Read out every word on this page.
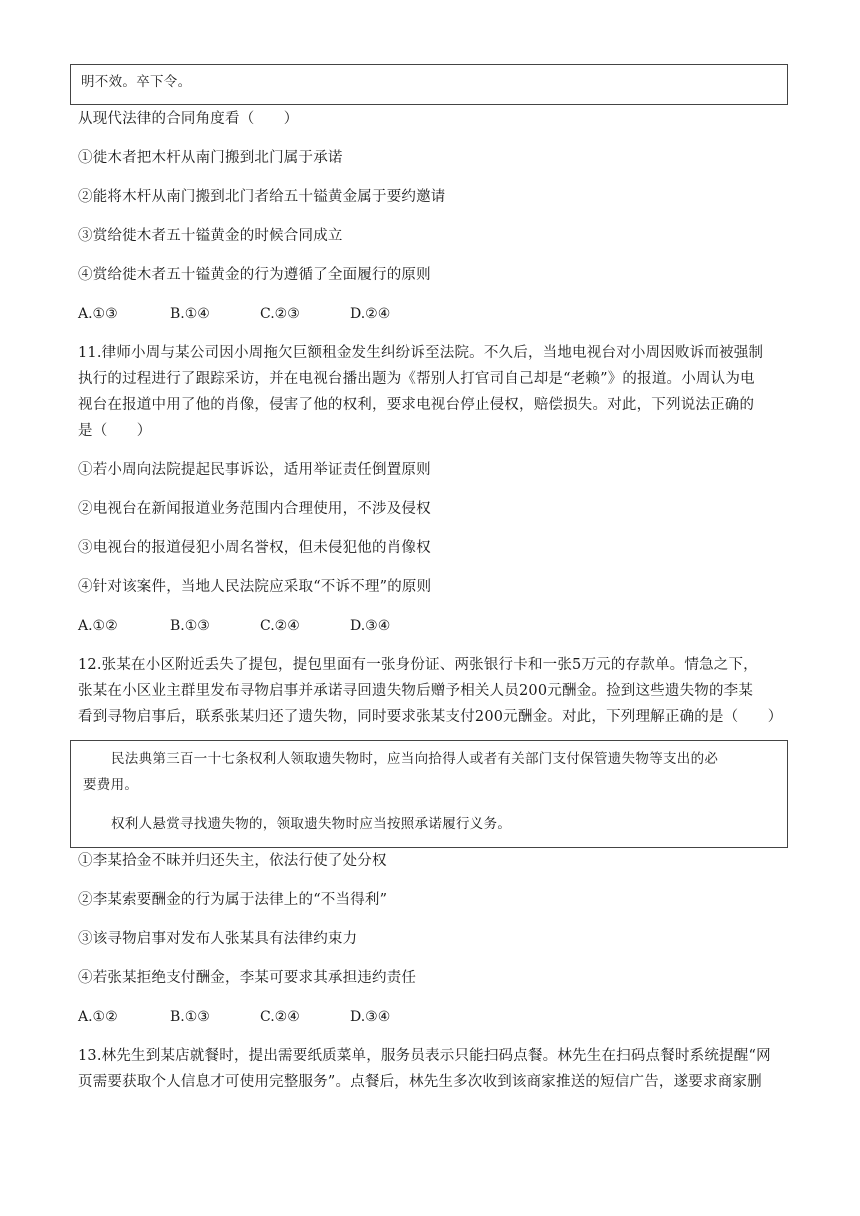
明不效。卒下令。
从现代法律的合同角度看（　　）
①徙木者把木杆从南门搬到北门属于承诺
②能将木杆从南门搬到北门者给五十镒黄金属于要约邀请
③赏给徙木者五十镒黄金的时候合同成立
④赏给徙木者五十镒黄金的行为遵循了全面履行的原则
A.①③	B.①④	C.②③	D.②④
11.律师小周与某公司因小周拖欠巨额租金发生纠纷诉至法院。不久后，当地电视台对小周因败诉而被强制
执行的过程进行了跟踪采访，并在电视台播出题为《帮别人打官司自己却是“老赖”》的报道。小周认为电
视台在报道中用了他的肖像，侵害了他的权利，要求电视台停止侵权，赔偿损失。对此，下列说法正确的
是（　　）
①若小周向法院提起民事诉讼，适用举证责任倒置原则
②电视台在新闻报道业务范围内合理使用，不涉及侵权
③电视台的报道侵犯小周名誉权，但未侵犯他的肖像权
④针对该案件，当地人民法院应采取“不诉不理”的原则
A.①②	B.①③	C.②④	D.③④
12.张某在小区附近丢失了提包，提包里面有一张身份证、两张银行卡和一张5万元的存款单。情急之下，
张某在小区业主群里发布寻物启事并承诺寻回遗失物后赠予相关人员200元酬金。捡到这些遗失物的李某
看到寻物启事后，联系张某归还了遗失物，同时要求张某支付200元酬金。对此，下列理解正确的是（　　）
民法典第三百一十七条权利人领取遗失物时，应当向拾得人或者有关部门支付保管遗失物等支出的必
要费用。
权利人悬赏寻找遗失物的，领取遗失物时应当按照承诺履行义务。
①李某拾金不昧并归还失主，依法行使了处分权
②李某索要酬金的行为属于法律上的“不当得利”
③该寻物启事对发布人张某具有法律约束力
④若张某拒绝支付酬金，李某可要求其承担违约责任
A.①②	B.①③	C.②④	D.③④
13.林先生到某店就餐时，提出需要纸质菜单，服务员表示只能扫码点餐。林先生在扫码点餐时系统提醒“网
页需要获取个人信息才可使用完整服务”。点餐后，林先生多次收到该商家推送的短信广告，遂要求商家删
